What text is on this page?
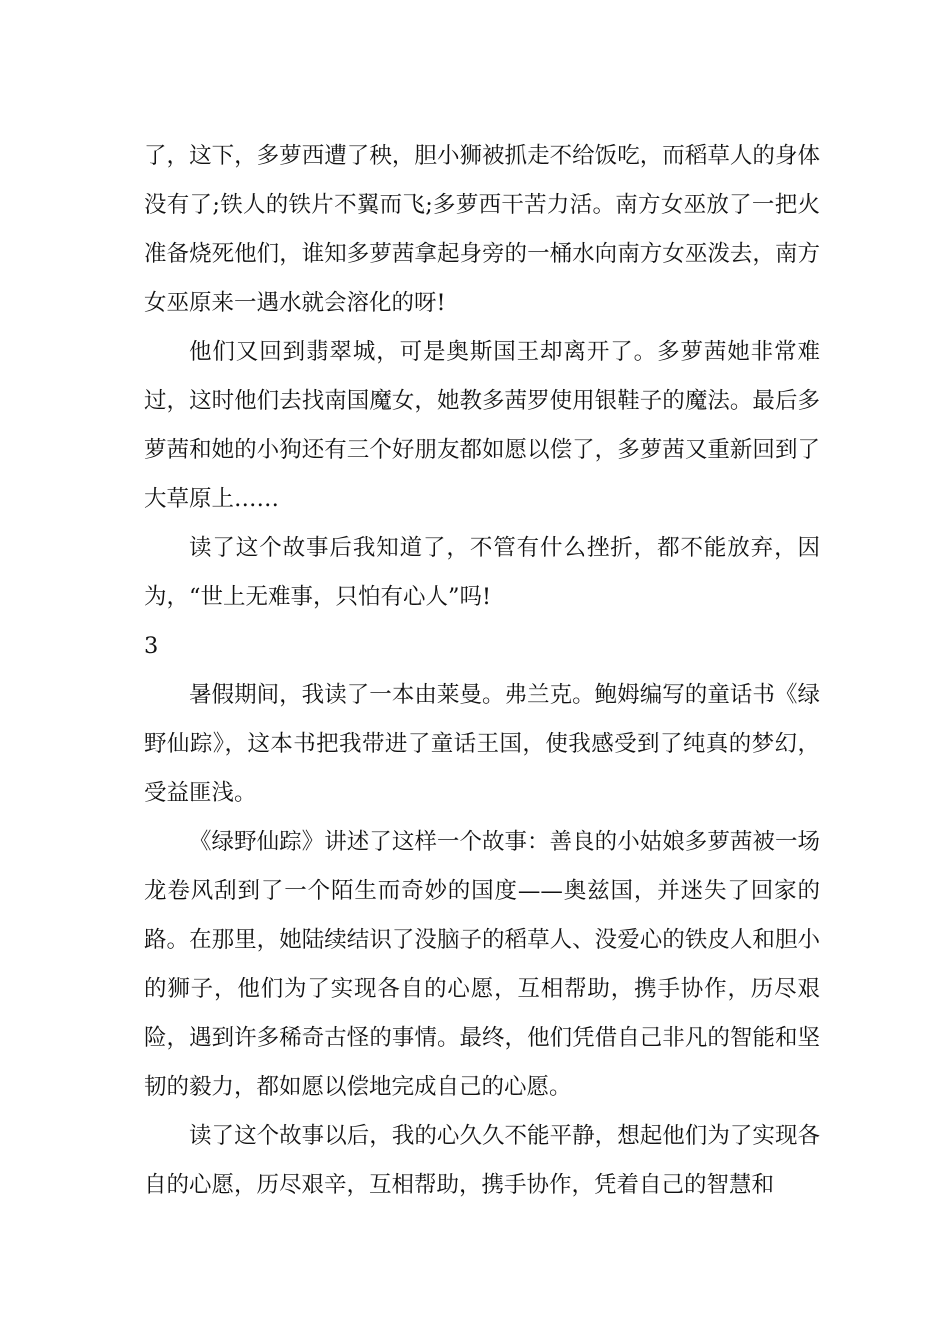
了，这下，多萝西遭了秧，胆小狮被抓走不给饭吃，而稻草人的身体没有了;铁人的铁片不翼而飞;多萝西干苦力活。南方女巫放了一把火准备烧死他们，谁知多萝茜拿起身旁的一桶水向南方女巫泼去，南方女巫原来一遇水就会溶化的呀!

他们又回到翡翠城，可是奥斯国王却离开了。多萝茜她非常难过，这时他们去找南国魔女，她教多茜罗使用银鞋子的魔法。最后多萝茜和她的小狗还有三个好朋友都如愿以偿了，多萝茜又重新回到了大草原上……

读了这个故事后我知道了，不管有什么挫折，都不能放弃，因为，“世上无难事，只怕有心人”吗!

3

暑假期间，我读了一本由莱曼。弗兰克。鲍姆编写的童话书《绿野仙踪》，这本书把我带进了童话王国，使我感受到了纯真的梦幻，受益匪浅。

《绿野仙踪》讲述了这样一个故事：善良的小姑娘多萝茜被一场龙卷风刮到了一个陌生而奇妙的国度——奥兹国，并迷失了回家的路。在那里，她陆续结识了没脑子的稻草人、没爱心的铁皮人和胆小的狮子，他们为了实现各自的心愿，互相帮助，携手协作，历尽艰险，遇到许多稀奇古怪的事情。最终，他们凭借自己非凡的智能和坚韧的毅力，都如愿以偿地完成自己的心愿。

读了这个故事以后，我的心久久不能平静，想起他们为了实现各自的心愿，历尽艰辛，互相帮助，携手协作，凭着自己的智慧和
